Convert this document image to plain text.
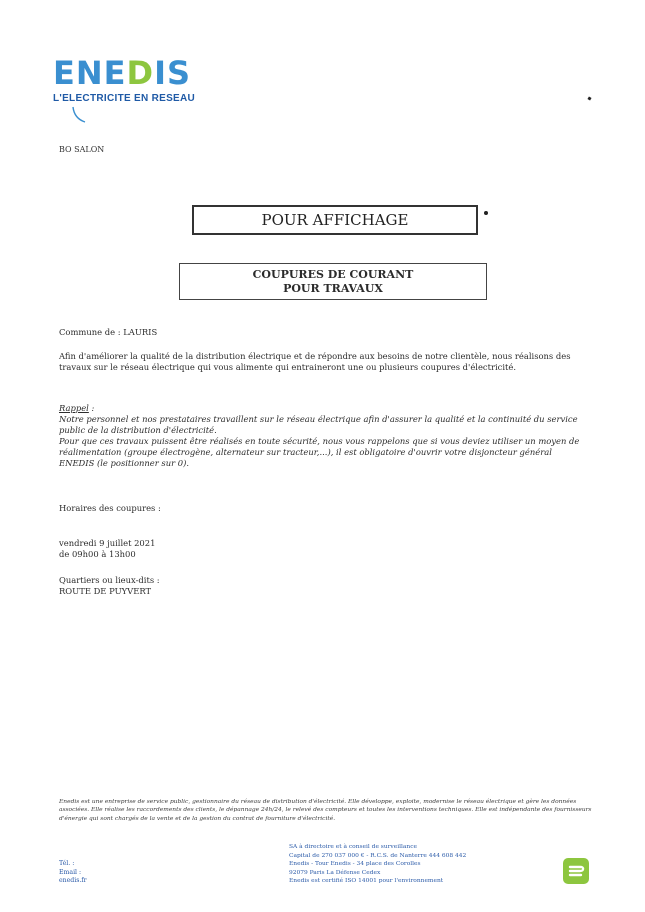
ENEDIS
L'ELECTRICITE EN RESEAU
BO SALON
POUR AFFICHAGE
COUPURES DE COURANT
POUR TRAVAUX
Commune de : LAURIS
Afin d'améliorer la qualité de la distribution électrique et de répondre aux besoins de notre clientèle, nous réalisons des travaux sur le réseau électrique qui vous alimente qui entraineront une ou plusieurs coupures d'électricité.
Rappel :
Notre personnel et nos prestataires travaillent sur le réseau électrique afin d'assurer la qualité et la continuité du service public de la distribution d'électricité.
Pour que ces travaux puissent être réalisés en toute sécurité, nous vous rappelons que si vous deviez utiliser un moyen de réalimentation (groupe électrogène, alternateur sur tracteur,...), il est obligatoire d'ouvrir votre disjoncteur général ENEDIS (le positionner sur 0).
Horaires des coupures :
vendredi 9 juillet 2021
de 09h00 à 13h00
Quartiers ou lieux-dits :
ROUTE DE PUYVERT
Enedis est une entreprise de service public, gestionnaire du réseau de distribution d'électricité. Elle développe, exploite, modernise le réseau électrique et gère les données associées. Elle réalise les raccordements des clients, le dépannage 24h/24, le relevé des compteurs et toutes les interventions techniques. Elle est indépendante des fournisseurs d'énergie qui sont chargés de la vente et de la gestion du contrat de fourniture d'électricité.
Tél. :
Email :
enedis.fr
SA à directoire et à conseil de surveillance
Capital de 270 037 000 € - R.C.S. de Nanterre 444 608 442
Enedis - Tour Enedis - 34 place des Corolles
92079 Paris La Défense Cedex
Enedis est certifié ISO 14001 pour l'environnement
